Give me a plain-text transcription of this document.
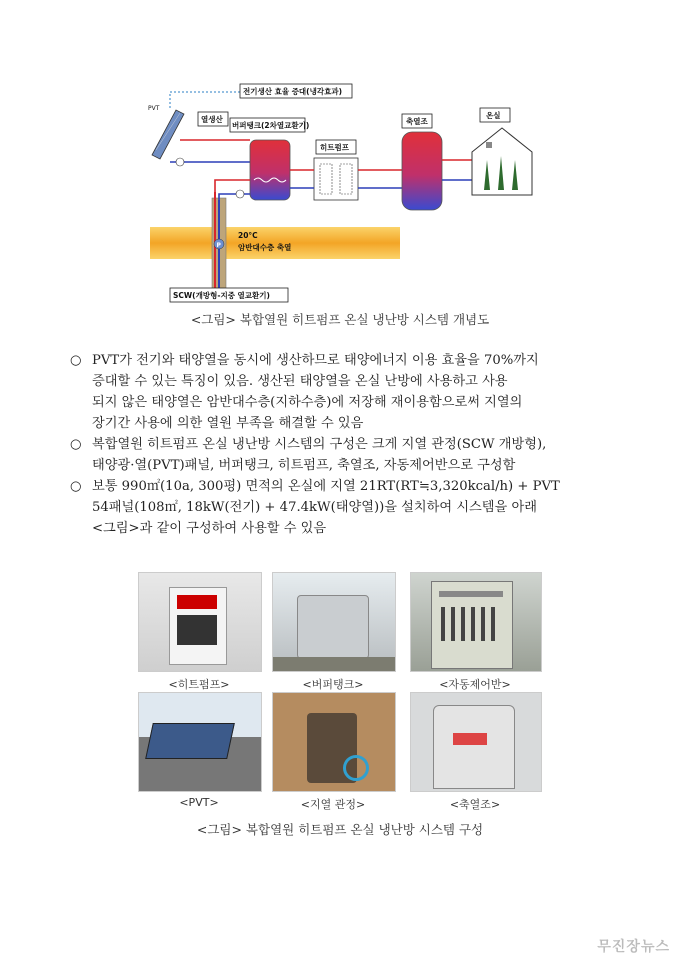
P
PVT
전기생산 효율 증대(냉각효과)
열생산
버퍼탱크(2차열교환기)
히트펌프
축열조
온실
20°C
암반대수층 축열
SCW(개방형-지중 열교환기)
<그림> 복합열원 히트펌프 온실 냉난방 시스템 개념도
○ PVT가 전기와 태양열을 동시에 생산하므로 태양에너지 이용 효율을 70%까지
증대할 수 있는 특징이 있음. 생산된 태양열을 온실 난방에 사용하고 사용
되지 않은 태양열은 암반대수층(지하수층)에 저장해 재이용함으로써 지열의
장기간 사용에 의한 열원 부족을 해결할 수 있음
○ 복합열원 히트펌프 온실 냉난방 시스템의 구성은 크게 지열 관정(SCW 개방형),
태양광·열(PVT)패널, 버퍼탱크, 히트펌프, 축열조, 자동제어반으로 구성함
○ 보통 990㎡(10a, 300평) 면적의 온실에 지열 21RT(RT≒3,320kcal/h) + PVT
54패널(108㎡, 18kW(전기) + 47.4kW(태양열))을 설치하여 시스템을 아래
<그림>과 같이 구성하여 사용할 수 있음
<히트펌프>	<버퍼탱크>	<자동제어반>
<PVT>	<지열 관정>	<축열조>
<그림> 복합열원 히트펌프 온실 냉난방 시스템 구성
무진장뉴스
